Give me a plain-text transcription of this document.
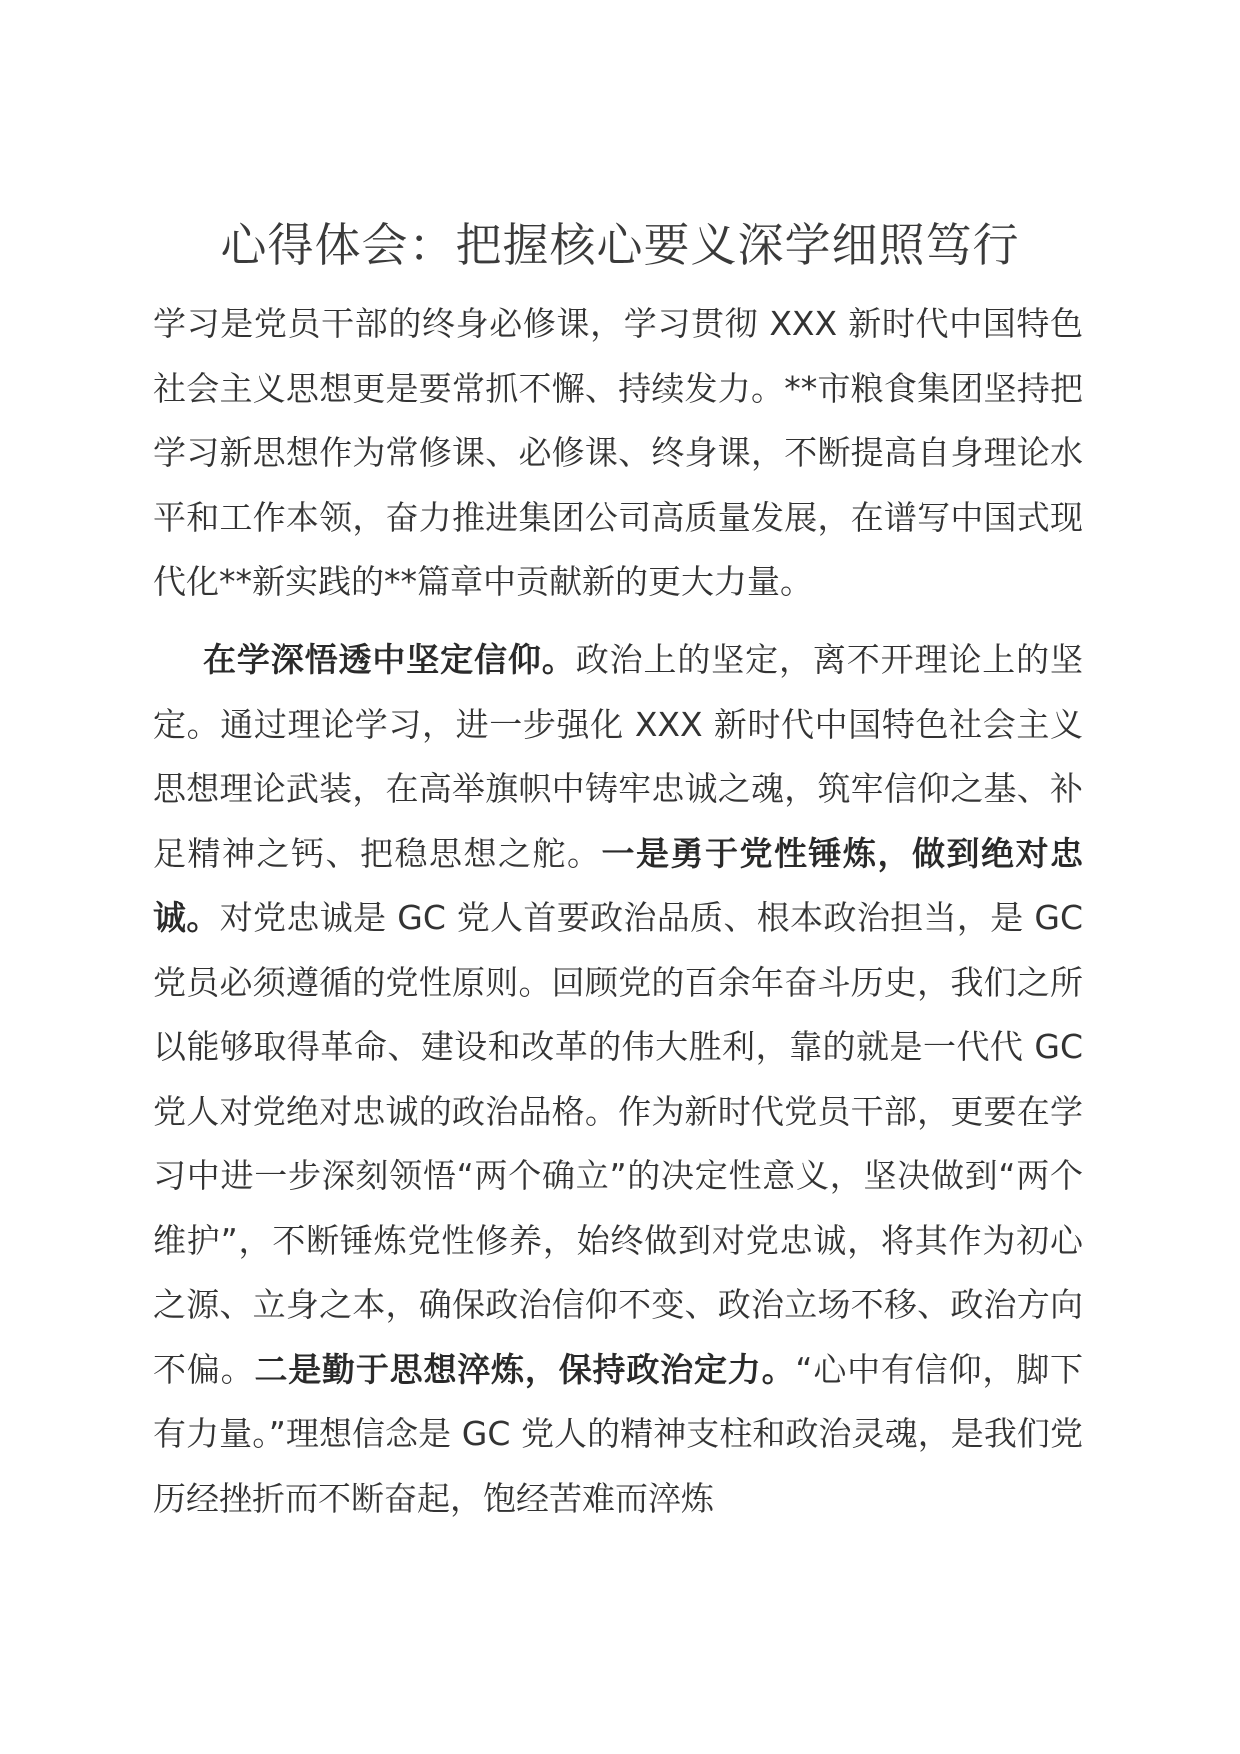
心得体会：把握核心要义深学细照笃行

学习是党员干部的终身必修课，学习贯彻 XXX 新时代中国特色社会主义思想更是要常抓不懈、持续发力。**市粮食集团坚持把学习新思想作为常修课、必修课、终身课，不断提高自身理论水平和工作本领，奋力推进集团公司高质量发展，在谱写中国式现代化**新实践的**篇章中贡献新的更大力量。

在学深悟透中坚定信仰。政治上的坚定，离不开理论上的坚定。通过理论学习，进一步强化 XXX 新时代中国特色社会主义思想理论武装，在高举旗帜中铸牢忠诚之魂，筑牢信仰之基、补足精神之钙、把稳思想之舵。一是勇于党性锤炼，做到绝对忠诚。对党忠诚是 GC 党人首要政治品质、根本政治担当，是 GC 党员必须遵循的党性原则。回顾党的百余年奋斗历史，我们之所以能够取得革命、建设和改革的伟大胜利，靠的就是一代代 GC 党人对党绝对忠诚的政治品格。作为新时代党员干部，更要在学习中进一步深刻领悟“两个确立”的决定性意义，坚决做到“两个维护”，不断锤炼党性修养，始终做到对党忠诚，将其作为初心之源、立身之本，确保政治信仰不变、政治立场不移、政治方向不偏。二是勤于思想淬炼，保持政治定力。“心中有信仰，脚下有力量。”理想信念是 GC 党人的精神支柱和政治灵魂，是我们党历经挫折而不断奋起，饱经苦难而淬炼
